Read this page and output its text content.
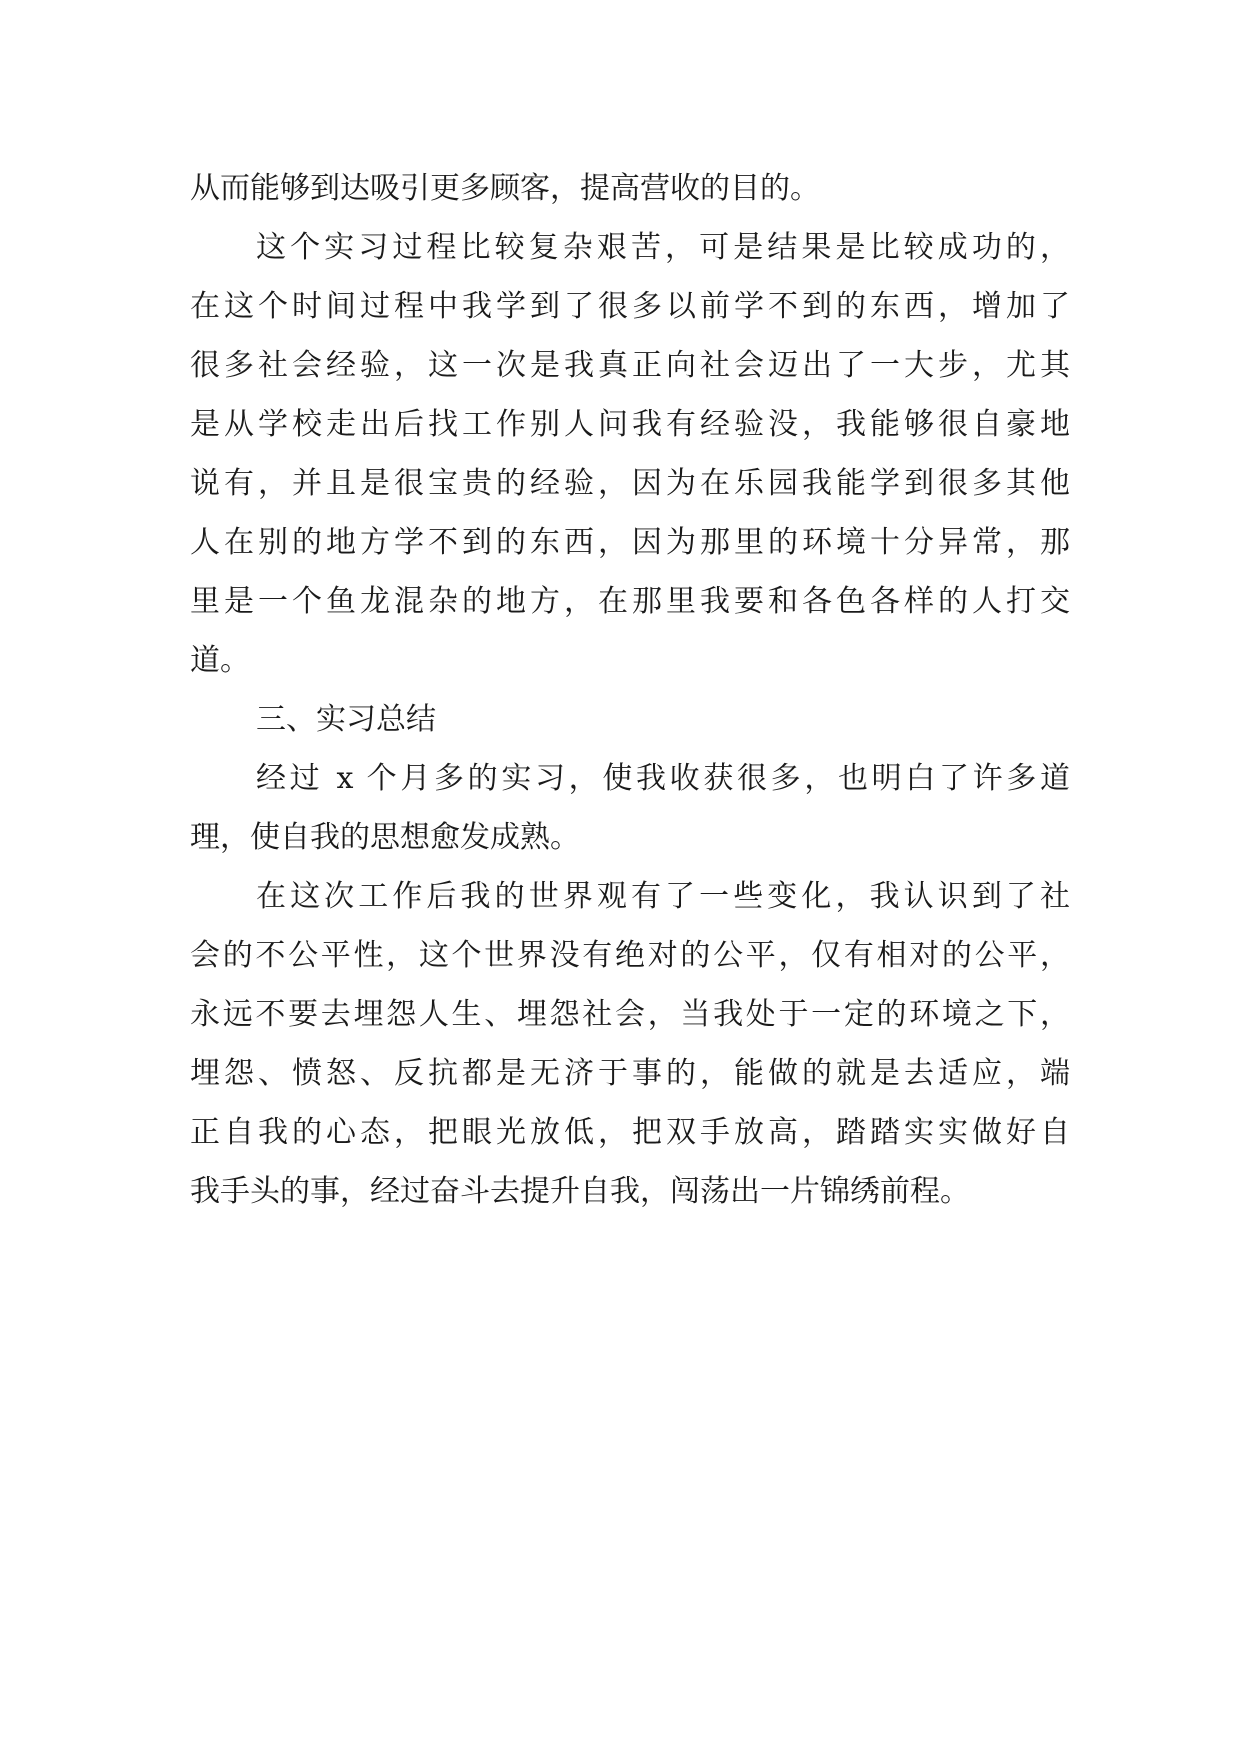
从而能够到达吸引更多顾客，提高营收的目的。
这个实习过程比较复杂艰苦，可是结果是比较成功的，
在这个时间过程中我学到了很多以前学不到的东西，增加了
很多社会经验，这一次是我真正向社会迈出了一大步，尤其
是从学校走出后找工作别人问我有经验没，我能够很自豪地
说有，并且是很宝贵的经验，因为在乐园我能学到很多其他
人在别的地方学不到的东西，因为那里的环境十分异常，那
里是一个鱼龙混杂的地方，在那里我要和各色各样的人打交
道。
三、实习总结
经过 x 个月多的实习，使我收获很多，也明白了许多道
理，使自我的思想愈发成熟。
在这次工作后我的世界观有了一些变化，我认识到了社
会的不公平性，这个世界没有绝对的公平，仅有相对的公平，
永远不要去埋怨人生、埋怨社会，当我处于一定的环境之下，
埋怨、愤怒、反抗都是无济于事的，能做的就是去适应，端
正自我的心态，把眼光放低，把双手放高，踏踏实实做好自
我手头的事，经过奋斗去提升自我，闯荡出一片锦绣前程。
